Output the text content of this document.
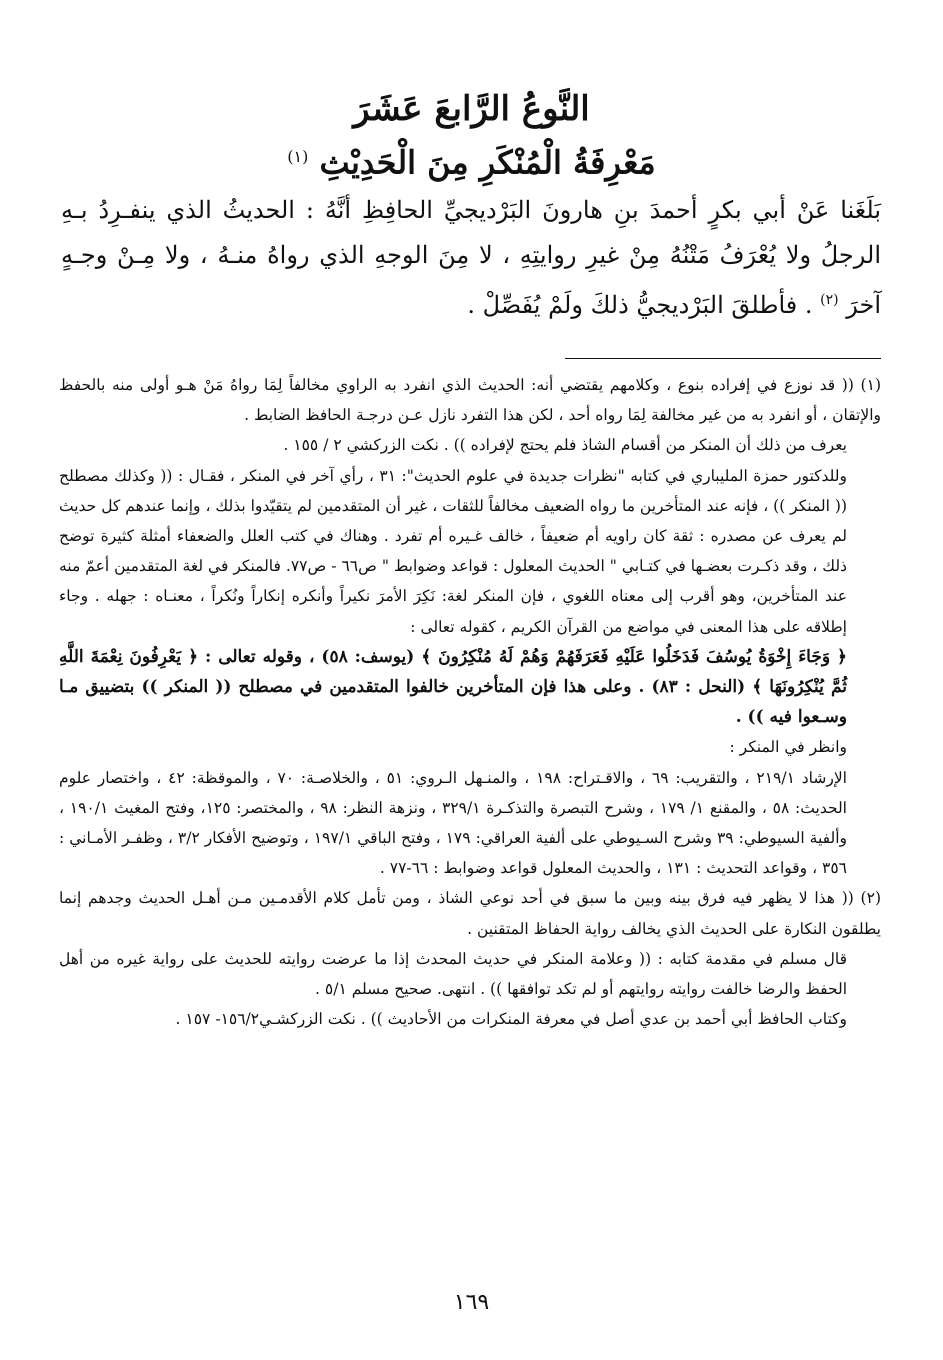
النَّوعُ الرَّابعَ عَشَرَ
مَعْرِفَةُ الْمُنْكَرِ مِنَ الْحَدِيْثِ $^{(١)}$

بَلَغَنا عَنْ أبي بكرٍ أحمدَ بنِ هارونَ البَرْديجيِّ الحافِظِ أنَّهُ : الحديثُ الذي ينفـرِدُ بـهِ الرجلُ ولا يُعْرَفُ مَتْنُهُ مِنْ غيرِ روايتِهِ ، لا مِنَ الوجهِ الذي رواهُ منـهُ ، ولا مِـنْ وجـهٍ آخرَ $^{(٢)}$ . فأطلقَ البَرْديجيُّ ذلكَ ولَمْ يُفَصِّلْ .

(١) (( قد نوزع في إفراده بنوع ، وكلامهم يقتضي أنه: الحديث الذي انفرد به الراوي مخالفاً لِمَا رواهُ مَنْ هـو أولى منه بالحفظ والإتقان ، أو انفرد به من غير مخالفة لِمَا رواه أحد ، لكن هذا التفرد نازل عـن درجـة الحافظ الضابط .

يعرف من ذلك أن المنكر من أقسام الشاذ فلم يحتج لإفراده )) . نكت الزركشي ٢ / ١٥٥ .

وللدكتور حمزة المليباري في كتابه "نظرات جديدة في علوم الحديث": ٣١ ، رأي آخر في المنكر ، فقـال : (( وكذلك مصطلح (( المنكر )) ، فإنه عند المتأخرين ما رواه الضعيف مخالفاً للثقات ، غير أن المتقدمين لم يتقيّدوا بذلك ، وإنما عندهم كل حديث لم يعرف عن مصدره : ثقة كان راويه أم ضعيفاً ، خالف غـيره أم تفرد . وهناك في كتب العلل والضعفاء أمثلة كثيرة توضح ذلك ، وقد ذكـرت بعضـها في كتـابي " الحديث المعلول : قواعد وضوابط " ص٦٦ - ص٧٧. فالمنكر في لغة المتقدمين أعمّ منه عند المتأخرين، وهو أقرب إلى معناه اللغوي ، فإن المنكر لغة: نَكِرَ الأمرَ نكيراً وأنكره إنكاراً ونُكراً ، معنـاه : جهله . وجاء إطلاقه على هذا المعنى في مواضع من القرآن الكريم ، كقوله تعالى :

﴿ وَجَاءَ إِخْوَةُ يُوسُفَ فَدَخَلُوا عَلَيْهِ فَعَرَفَهُمْ وَهُمْ لَهُ مُنْكِرُونَ ﴾ (يوسف: ٥٨) ، وقوله تعالى : ﴿ يَعْرِفُونَ نِعْمَةَ اللَّهِ ثُمَّ يُنْكِرُونَهَا ﴾ (النحل : ٨٣) . وعلى هذا فإن المتأخرين خالفوا المتقدمين في مصطلح (( المنكر )) بتضييق مـا وسـعوا فيه )) .

وانظر في المنكر :

الإرشاد ٢١٩/١ ، والتقريب: ٦٩ ، والاقـتراح: ١٩٨ ، والمنـهل الـروي: ٥١ ، والخلاصـة: ٧٠ ، والموقظة: ٤٢ ، واختصار علوم الحديث: ٥٨ ، والمقنع ١/ ١٧٩ ، وشرح التبصرة والتذكـرة ٣٢٩/١ ، ونزهة النظر: ٩٨ ، والمختصر: ١٢٥، وفتح المغيث ١٩٠/١ ، وألفية السيوطي: ٣٩ وشرح السـيوطي على ألفية العراقي: ١٧٩ ، وفتح الباقي ١٩٧/١ ، وتوضيح الأفكار ٣/٢ ، وظفـر الأمـاني : ٣٥٦ ، وقواعد التحديث : ١٣١ ، والحديث المعلول قواعد وضوابط : ٦٦-٧٧ .

(٢) (( هذا لا يظهر فيه فرق بينه وبين ما سبق في أحد نوعي الشاذ ، ومن تأمل كلام الأقدمـين مـن أهـل الحديث وجدهم إنما يطلقون النكارة على الحديث الذي يخالف رواية الحفاظ المتقنين .

قال مسلم في مقدمة كتابه : (( وعلامة المنكر في حديث المحدث إذا ما عرضت روايته للحديث على رواية غيره من أهل الحفظ والرضا خالفت روايته روايتهم أو لم تكد توافقها )) . انتهى. صحيح مسلم ٥/١ .

وكتاب الحافظ أبي أحمد بن عدي أصل في معرفة المنكرات من الأحاديث )) . نكت الزركشـي١٥٦/٢- ١٥٧ .

١٦٩
